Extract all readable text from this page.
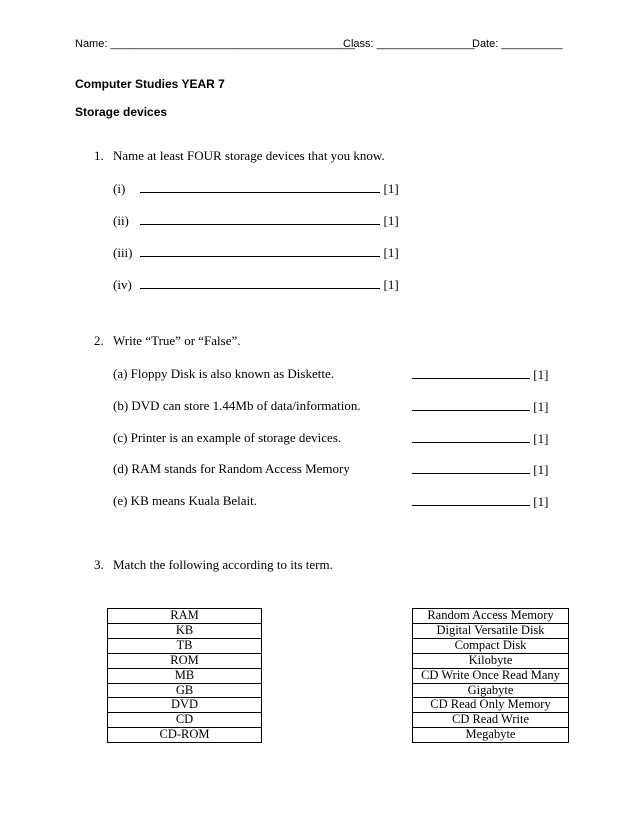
Name: ________________________________________
Class: ________________
Date: __________
Computer Studies YEAR 7
Storage devices
1. Name at least FOUR storage devices that you know.
(i)	[1]
(ii)	[1]
(iii)	[1]
(iv)	[1]
2. Write “True” or “False”.
(a) Floppy Disk is also known as Diskette.	[1]
(b) DVD can store 1.44Mb of data/information.	[1]
(c) Printer is an example of storage devices.	[1]
(d) RAM stands for Random Access Memory	[1]
(e) KB means Kuala Belait.	[1]
3. Match the following according to its term.
RAM
KB
TB
ROM
MB
GB
DVD
CD
CD-ROM
Random Access Memory
Digital Versatile Disk
Compact Disk
Kilobyte
CD Write Once Read Many
Gigabyte
CD Read Only Memory
CD Read Write
Megabyte
